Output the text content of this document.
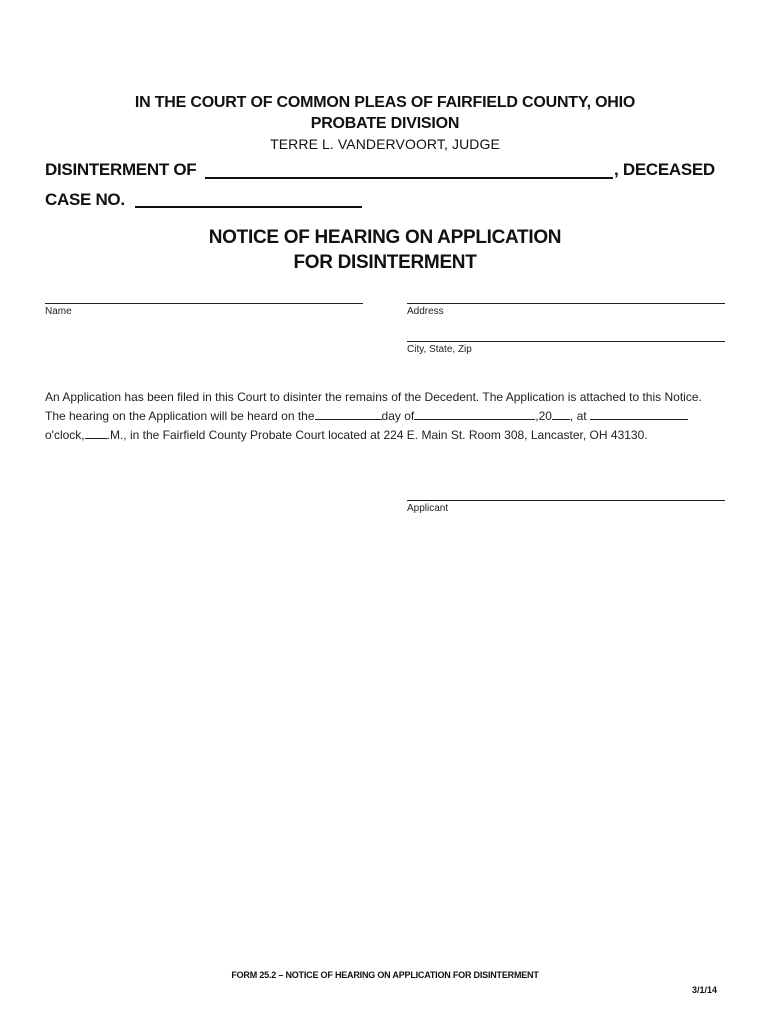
IN THE COURT OF COMMON PLEAS OF FAIRFIELD COUNTY, OHIO

PROBATE DIVISION

TERRE L. VANDERVOORT, JUDGE

DISINTERMENT OF	, DECEASED
CASE NO.

NOTICE OF HEARING ON APPLICATION

FOR DISINTERMENT

Name	Address
City, State, Zip
An Application has been filed in this Court to disinter the remains of the Decedent. The Application is attached to this Notice.
The hearing on the Application will be heard on the	day of	,20 , at
o'clock, .M., in the Fairfield County Probate Court located at 224 E. Main St. Room 308, Lancaster, OH 43130.
Applicant

FORM 25.2 – NOTICE OF HEARING ON APPLICATION FOR DISINTERMENT

3/1/14
